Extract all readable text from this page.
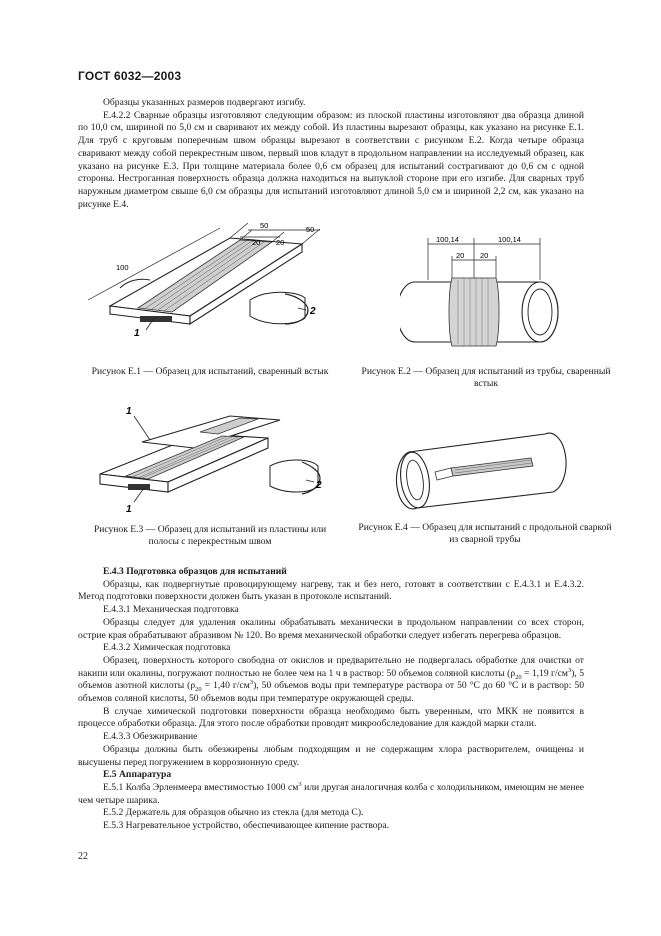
ГОСТ 6032—2003

Образцы указанных размеров подвергают изгибу.

Е.4.2.2 Сварные образцы изготовляют следующим образом: из плоской пластины изготовляют два образца длиной по 10,0 см, шириной по 5,0 см и сваривают их между собой. Из пластины вырезают образцы, как указано на рисунке Е.1. Для труб с круговым поперечным швом образцы вырезают в соответствии с рисунком Е.2. Когда четыре образца сваривают между собой перекрестным швом, первый шов кладут в продольном направлении на исследуемый образец, как указано на рисунке Е.3. При толщине материала более 0,6 см образец для испытаний сострагивают до 0,6 см с одной стороны. Нестроганная поверхность образца должна находиться на выпуклой стороне при его изгибе. Для сварных труб наружным диаметром свыше 6,0 см образцы для испытаний изготовляют длиной 5,0 см и шириной 2,2 см, как указано на рисунке Е.4.

50	50
20 20
100
1
2
Рисунок Е.1 — Образец для испытаний, сваренный встык
100,14	100,14
20 20
Рисунок Е.2 — Образец для испытаний из трубы, сваренный встык
1
1
2
Рисунок Е.3 — Образец для испытаний из пластины или полосы с перекрестным швом
Рисунок Е.4 — Образец для испытаний с продольной сваркой из сварной трубы

Е.4.3 Подготовка образцов для испытаний

Образцы, как подвергнутые провоцирующему нагреву, так и без него, готовят в соответствии с Е.4.3.1 и Е.4.3.2. Метод подготовки поверхности должен быть указан в протоколе испытаний.

Е.4.3.1 Механическая подготовка

Образцы следует для удаления окалины обрабатывать механически в продольном направлении со всех сторон, острие края обрабатывают абразивом № 120. Во время механической обработки следует избегать перегрева образцов.

Е.4.3.2 Химическая подготовка

Образец, поверхность которого свободна от окислов и предварительно не подвергалась обработке для очистки от накипи или окалины, погружают полностью не более чем на 1 ч в раствор: 50 объемов соляной кислоты ($\rho_{20} = 1,19$ $г/см^3$), 5 объемов азотной кислоты ($\rho_{20} = 1,40$ $г/см^3$), 50 объемов воды при температуре раствора от 50 °С до 60 °С и в раствор: 50 объемов соляной кислоты, 50 объемов воды при температуре окружающей среды.

В случае химической подготовки поверхности образца необходимо быть уверенным, что МКК не появится в процессе обработки образца. Для этого после обработки проводят микрообследование для каждой марки стали.

Е.4.3.3 Обезжиривание

Образцы должны быть обезжирены любым подходящим и не содержащим хлора растворителем, очищены и высушены перед погружением в коррозионную среду.

Е.5 Аппаратура

Е.5.1 Колба Эрленмеера вместимостью 1000 $см^3$ или другая аналогичная колба с холодильником, имеющим не менее чем четыре шарика.

Е.5.2 Держатель для образцов обычно из стекла (для метода С).

Е.5.3 Нагревательное устройство, обеспечивающее кипение раствора.

22
